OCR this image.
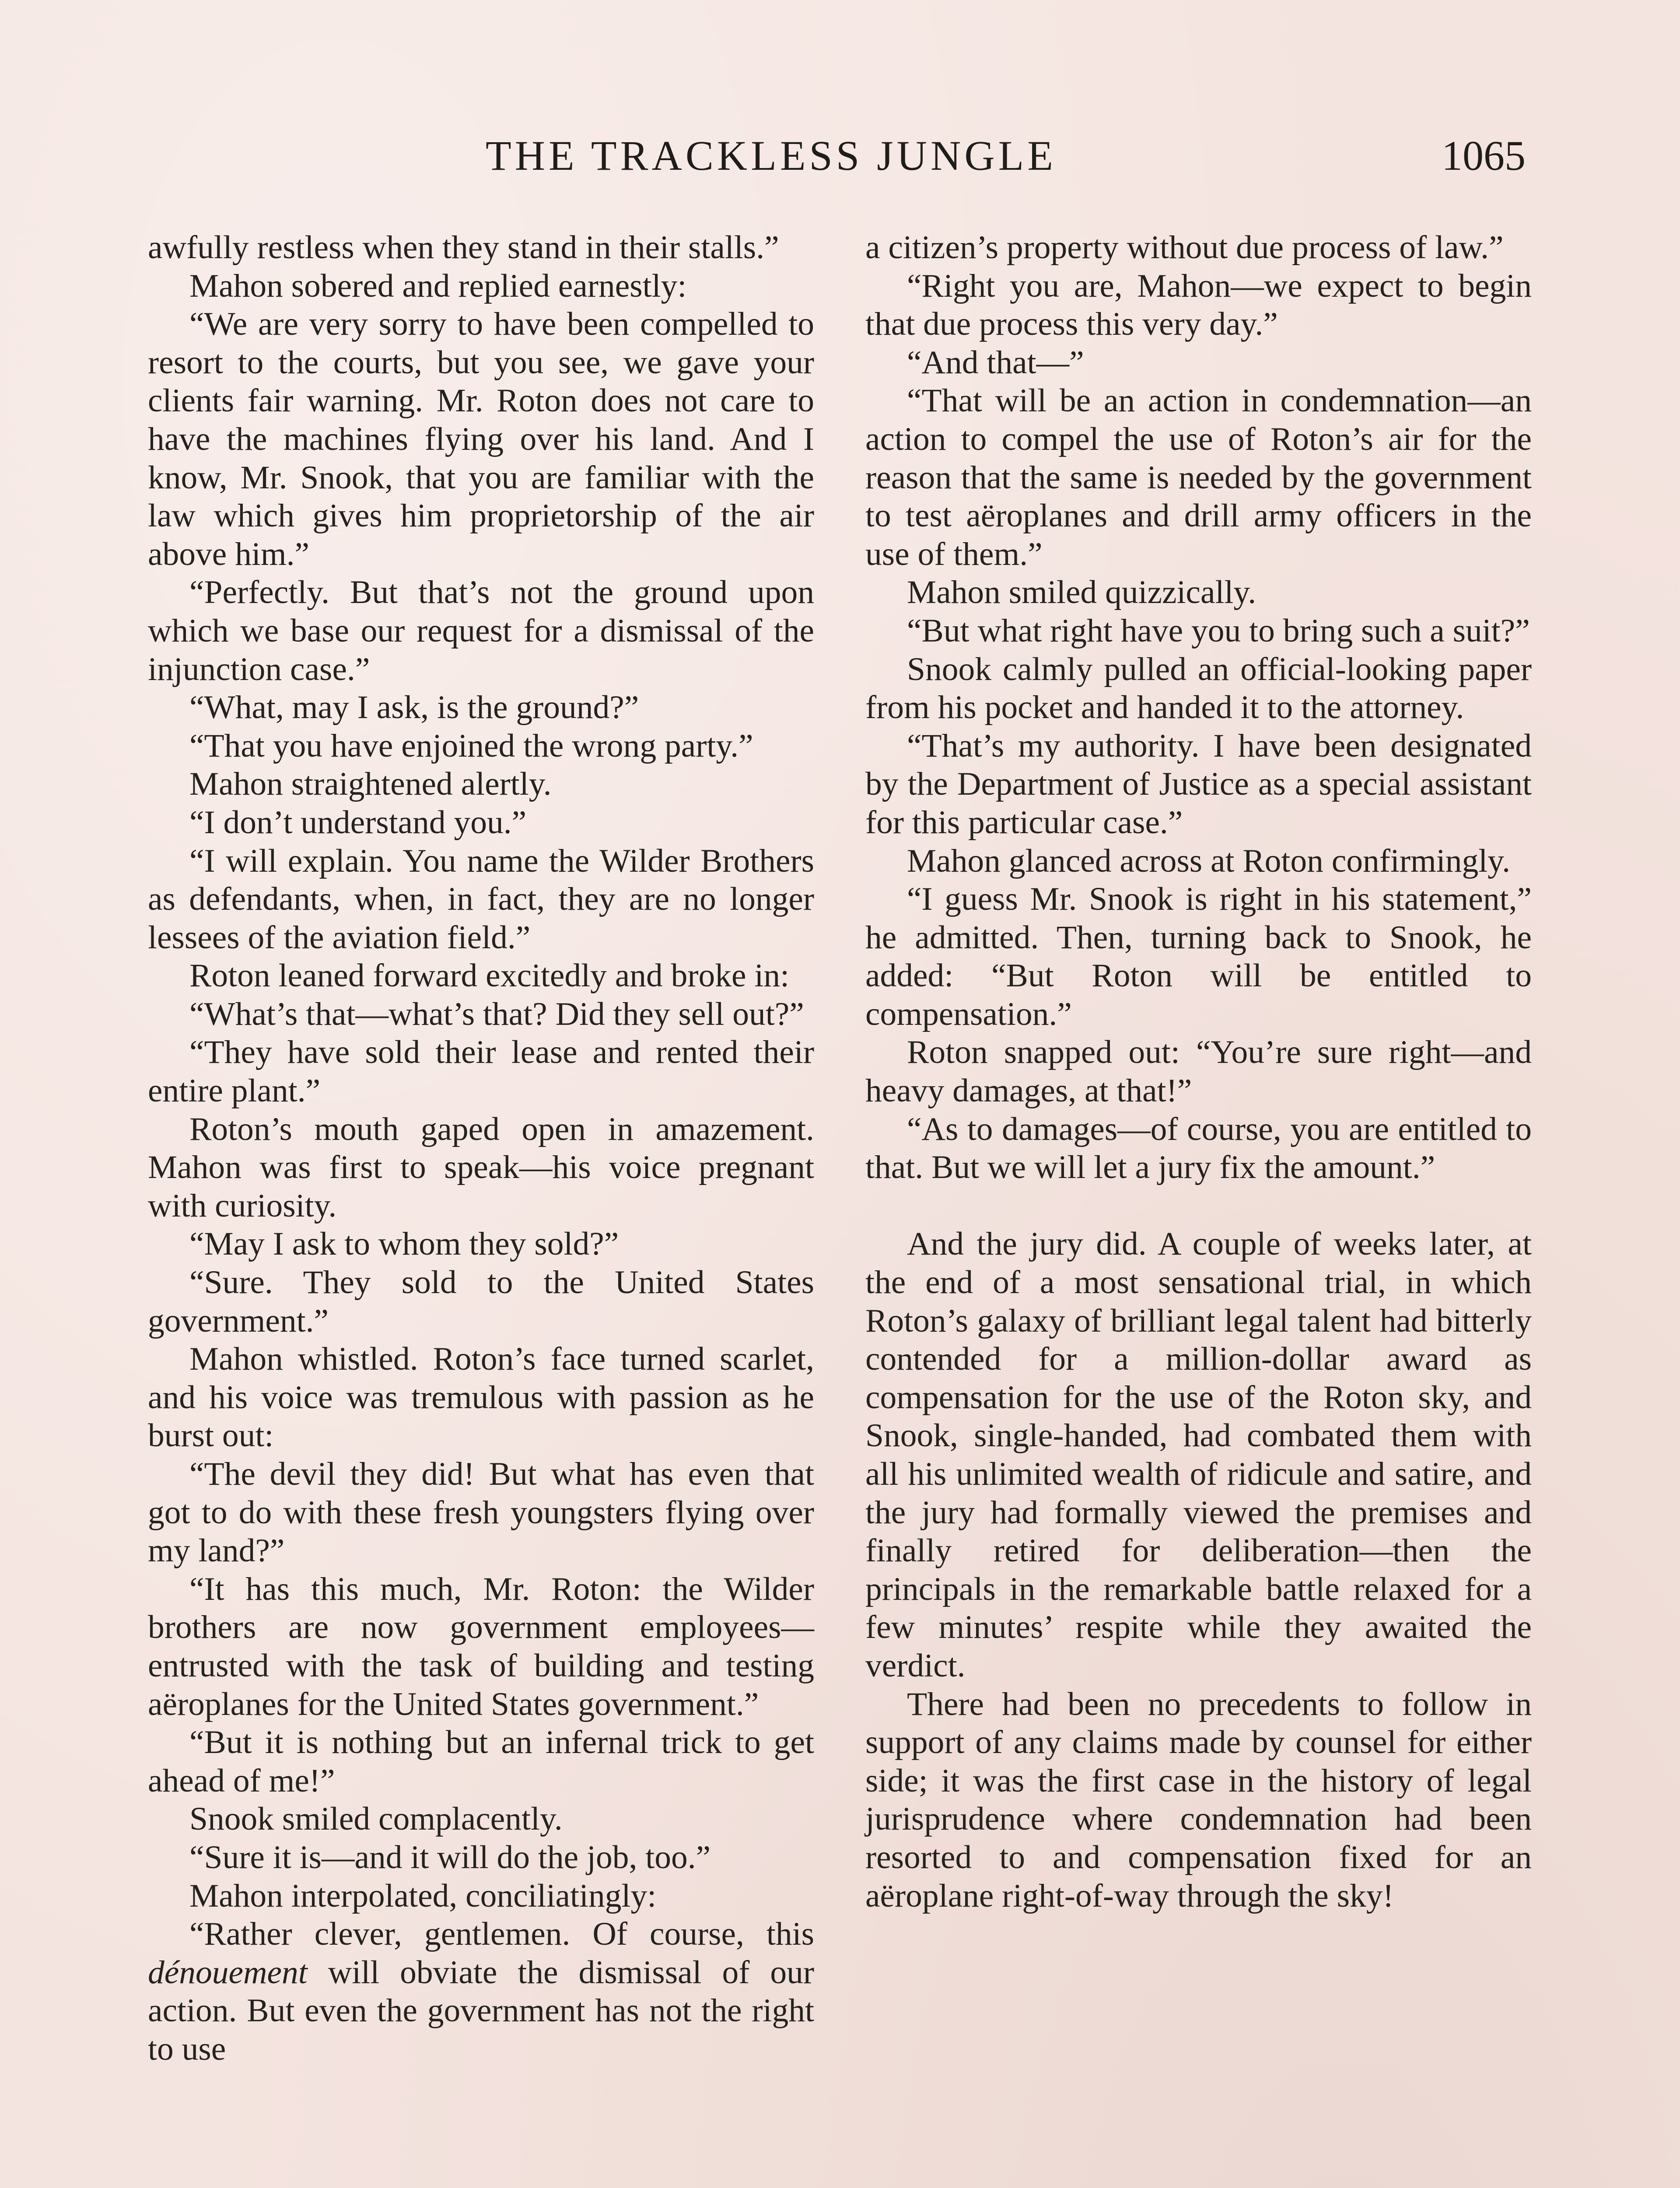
THE TRACKLESS JUNGLE	1065

awfully restless when they stand in their stalls.”

Mahon sobered and replied earnestly:

“We are very sorry to have been compelled to resort to the courts, but you see, we gave your clients fair warning. Mr. Roton does not care to have the machines flying over his land. And I know, Mr. Snook, that you are familiar with the law which gives him proprietorship of the air above him.”

“Perfectly. But that’s not the ground upon which we base our request for a dismissal of the injunction case.”

“What, may I ask, is the ground?”

“That you have enjoined the wrong party.”

Mahon straightened alertly.

“I don’t understand you.”

“I will explain. You name the Wilder Brothers as defendants, when, in fact, they are no longer lessees of the aviation field.”

Roton leaned forward excitedly and broke in:

“What’s that—what’s that? Did they sell out?”

“They have sold their lease and rented their entire plant.”

Roton’s mouth gaped open in amazement. Mahon was first to speak—his voice pregnant with curiosity.

“May I ask to whom they sold?”

“Sure. They sold to the United States government.”

Mahon whistled. Roton’s face turned scarlet, and his voice was tremulous with passion as he burst out:

“The devil they did! But what has even that got to do with these fresh youngsters flying over my land?”

“It has this much, Mr. Roton: the Wilder brothers are now government employees—entrusted with the task of building and testing aëroplanes for the United States government.”

“But it is nothing but an infernal trick to get ahead of me!”

Snook smiled complacently.

“Sure it is—and it will do the job, too.”

Mahon interpolated, conciliatingly:

“Rather clever, gentlemen. Of course, this dénouement will obviate the dismissal of our action. But even the government has not the right to use

a citizen’s property without due process of law.”

“Right you are, Mahon—we expect to begin that due process this very day.”

“And that—”

“That will be an action in condemnation—an action to compel the use of Roton’s air for the reason that the same is needed by the government to test aëroplanes and drill army officers in the use of them.”

Mahon smiled quizzically.

“But what right have you to bring such a suit?”

Snook calmly pulled an official-looking paper from his pocket and handed it to the attorney.

“That’s my authority. I have been designated by the Department of Justice as a special assistant for this particular case.”

Mahon glanced across at Roton confirmingly.

“I guess Mr. Snook is right in his statement,” he admitted. Then, turning back to Snook, he added: “But Roton will be entitled to compensation.”

Roton snapped out: “You’re sure right—and heavy damages, at that!”

“As to damages—of course, you are entitled to that. But we will let a jury fix the amount.”

And the jury did. A couple of weeks later, at the end of a most sensational trial, in which Roton’s galaxy of brilliant legal talent had bitterly contended for a million-dollar award as compensation for the use of the Roton sky, and Snook, single-handed, had combated them with all his unlimited wealth of ridicule and satire, and the jury had formally viewed the premises and finally retired for deliberation—then the principals in the remarkable battle relaxed for a few minutes’ respite while they awaited the verdict.

There had been no precedents to follow in support of any claims made by counsel for either side; it was the first case in the history of legal jurisprudence where condemnation had been resorted to and compensation fixed for an aëroplane right-of-way through the sky!
